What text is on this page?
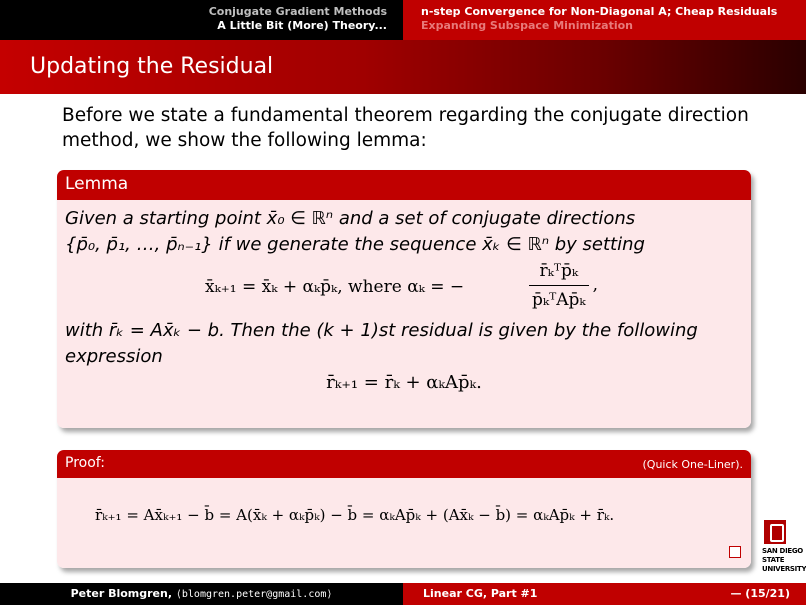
Conjugate Gradient Methods
A Little Bit (More) Theory...
n-step Convergence for Non-Diagonal A; Cheap Residuals
Expanding Subspace Minimization
Updating the Residual
Before we state a fundamental theorem regarding the conjugate direction method, we show the following lemma:
Lemma
Given a starting point x̄₀ ∈ ℝⁿ and a set of conjugate directions
{p̄₀, p̄₁, …, p̄ₙ₋₁} if we generate the sequence x̄ₖ ∈ ℝⁿ by setting
x̄ₖ₊₁ = x̄ₖ + αₖp̄ₖ, where αₖ = −	$\frac{\text{r̄ₖᵀp̄ₖ}}{\text{p̄ₖᵀAp̄ₖ}}$ ,
with r̄ₖ = Ax̄ₖ − b. Then the (k + 1)st residual is given by the following
expression
r̄ₖ₊₁ = r̄ₖ + αₖAp̄ₖ.
Proof:	(Quick One-Liner).
r̄ₖ₊₁ = Ax̄ₖ₊₁ − b̄ = A(x̄ₖ + αₖp̄ₖ) − b̄ = αₖAp̄ₖ + (Ax̄ₖ − b̄) = αₖAp̄ₖ + r̄ₖ.
SAN DIEGO STATE
UNIVERSITY
Peter Blomgren, ⟨blomgren.peter@gmail.com⟩	Linear CG, Part #1	— (15/21)
